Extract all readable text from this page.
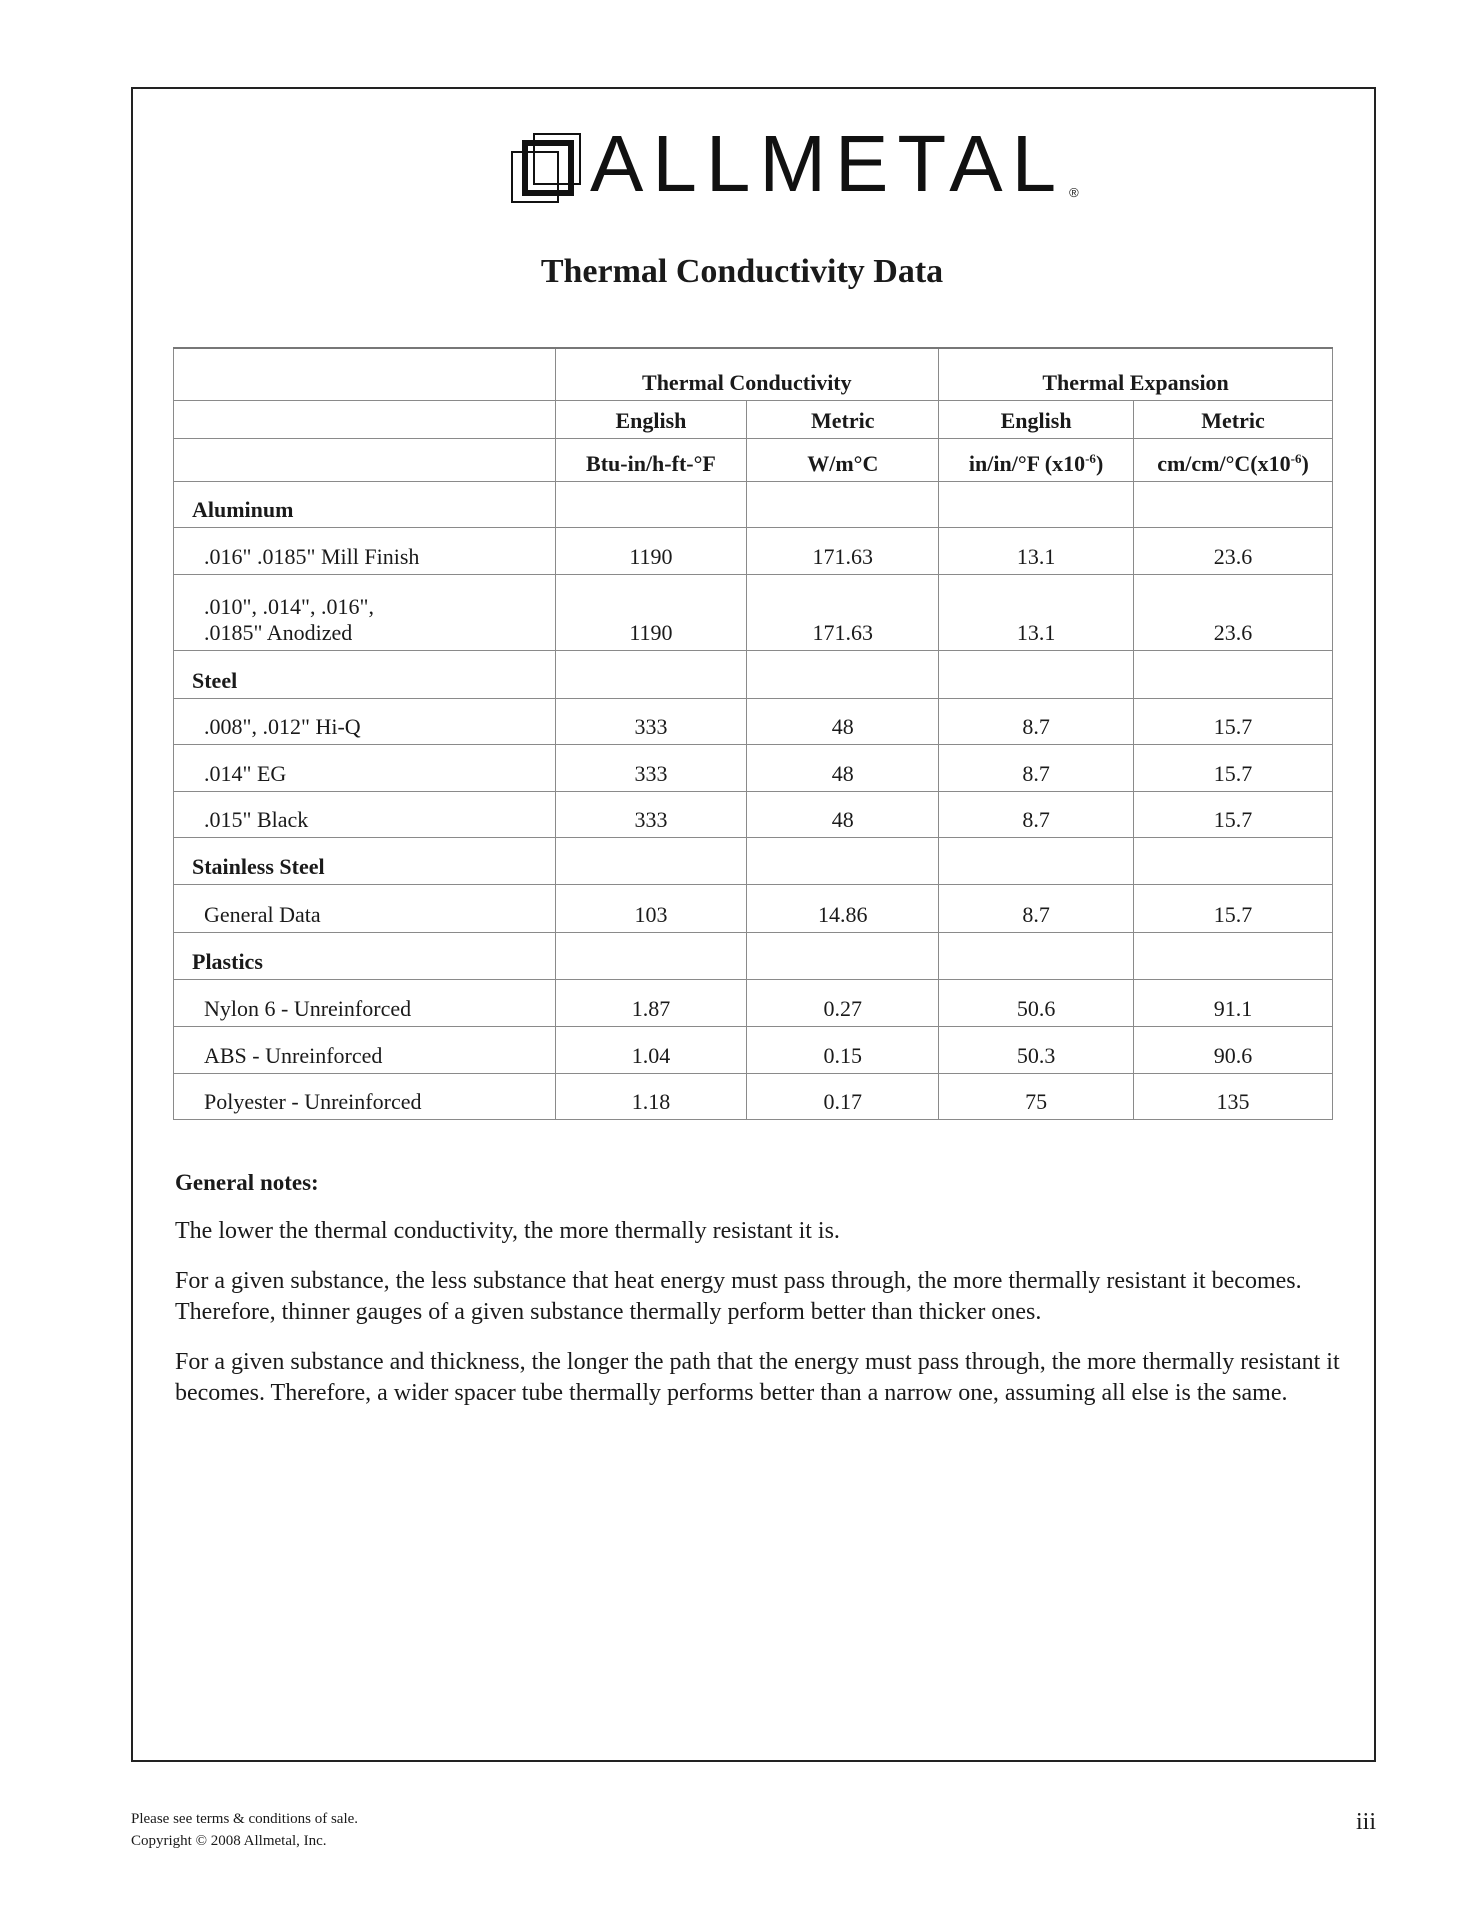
ALLMETAL ®
Thermal Conductivity Data
	Thermal Conductivity		Thermal Expansion	
	English	Metric	English	Metric
	Btu-in/h-ft-°F	W/m°C	in/in/°F $(x10^{-6})$	$cm/cm/^\circ C(x10^{-6})$
Aluminum				
.016" .0185" Mill Finish	1190	171.63	13.1	23.6
.010", .014", .016",
.0185" Anodized	1190	171.63	13.1	23.6
Steel				
.008", .012" Hi-Q	333	48	8.7	15.7
.014" EG	333	48	8.7	15.7
.015" Black	333	48	8.7	15.7
Stainless Steel				
General Data	103	14.86	8.7	15.7
Plastics				
Nylon 6 - Unreinforced	1.87	0.27	50.6	91.1
ABS - Unreinforced	1.04	0.15	50.3	90.6
Polyester - Unreinforced	1.18	0.17	75	135
General notes:

The lower the thermal conductivity, the more thermally resistant it is.

For a given substance, the less substance that heat energy must pass through, the more thermally resistant it becomes. Therefore, thinner gauges of a given substance thermally perform better than thicker ones.

For a given substance and thickness, the longer the path that the energy must pass through, the more thermally resistant it becomes. Therefore, a wider spacer tube thermally performs better than a narrow one, assuming all else is the same.

Please see terms & conditions of sale.
Copyright © 2008 Allmetal, Inc.
iii
